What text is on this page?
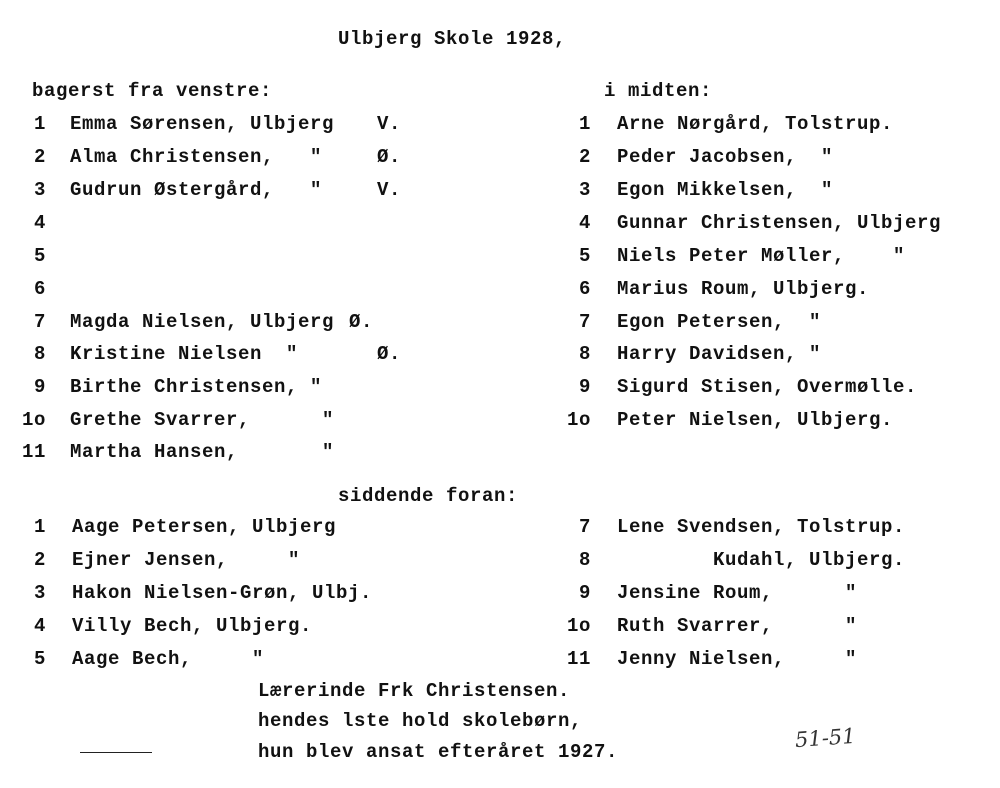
Ulbjerg Skole 1928,
bagerst fra venstre:
1 Emma Sørensen, Ulbjerg V.
2 Alma Christensen,   "	Ø.
3 Gudrun Østergård,   "	V.
4
5
6
7 Magda Nielsen, Ulbjerg Ø.
8 Kristine Nielsen  "	Ø.
9 Birthe Christensen, "
1o Grethe Svarrer,      "
11 Martha Hansen,       "
i midten:
1 Arne Nørgård, Tolstrup.
2 Peder Jacobsen,  "
3 Egon Mikkelsen,  "
4 Gunnar Christensen, Ulbjerg
5 Niels Peter Møller,    "
6 Marius Roum, Ulbjerg.
7 Egon Petersen,  "
8 Harry Davidsen, "
9 Sigurd Stisen, Overmølle.
1o Peter Nielsen, Ulbjerg.
siddende foran:
1 Aage Petersen, Ulbjerg	7 Lene Svendsen, Tolstrup.
2 Ejner Jensen,     "	8 Kudahl, Ulbjerg.
3 Hakon Nielsen-Grøn, Ulbj.	9 Jensine Roum,      "
4 Villy Bech, Ulbjerg.	1o Ruth Svarrer,      "
5 Aage Bech,     "	11 Jenny Nielsen,     "
Lærerinde Frk Christensen.
hendes lste hold skolebørn,
hun blev ansat efteråret 1927.	51-51
